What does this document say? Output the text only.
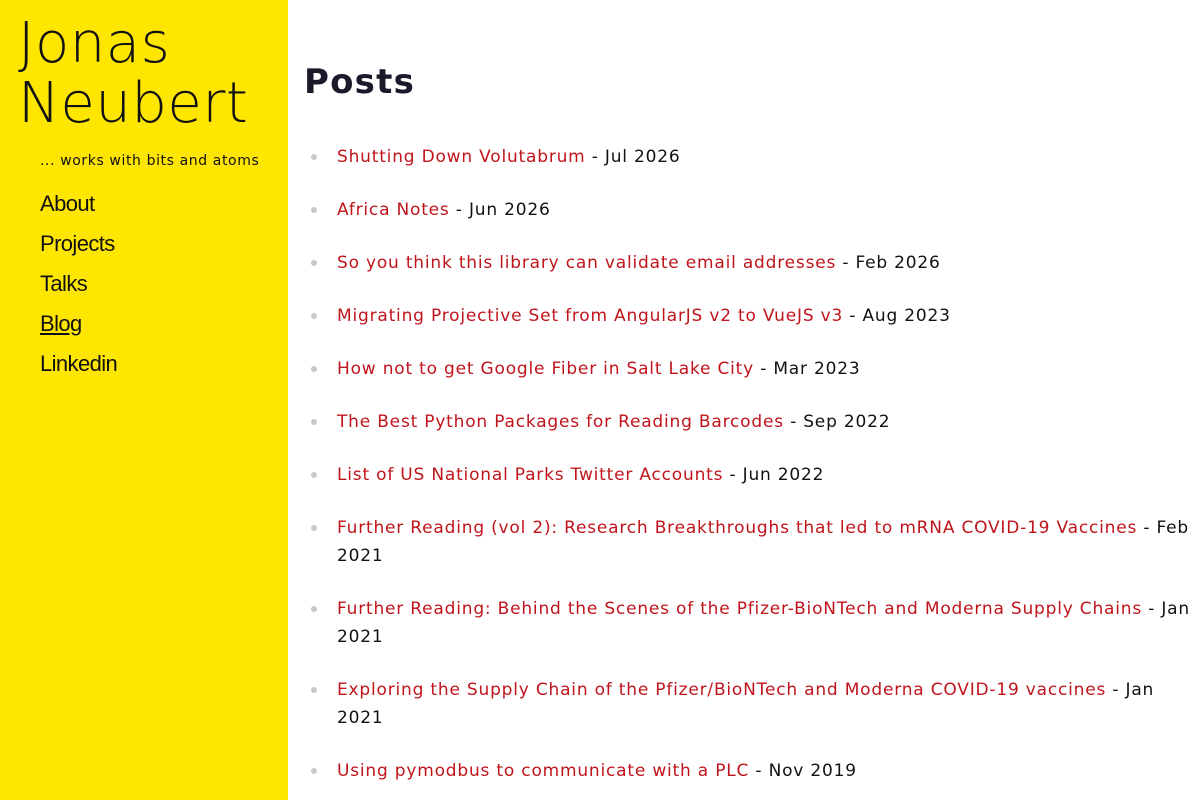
Jonas
Neubert
... works with bits and atoms
About
Projects
Talks
Blog
Linkedin
Posts
Shutting Down Volutabrum - Jul 2026
Africa Notes - Jun 2026
So you think this library can validate email addresses - Feb 2026
Migrating Projective Set from AngularJS v2 to VueJS v3 - Aug 2023
How not to get Google Fiber in Salt Lake City - Mar 2023
The Best Python Packages for Reading Barcodes - Sep 2022
List of US National Parks Twitter Accounts - Jun 2022
Further Reading (vol 2): Research Breakthroughs that led to mRNA COVID-19 Vaccines - Feb 2021
Further Reading: Behind the Scenes of the Pfizer-BioNTech and Moderna Supply Chains - Jan 2021
Exploring the Supply Chain of the Pfizer/BioNTech and Moderna COVID-19 vaccines - Jan 2021
Using pymodbus to communicate with a PLC - Nov 2019
